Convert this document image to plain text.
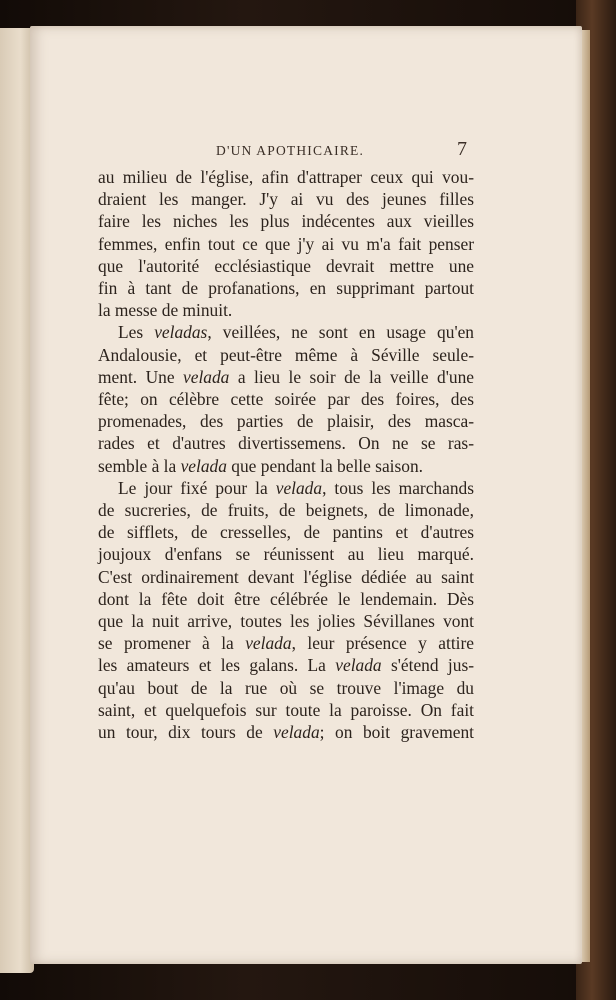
D'UN APOTHICAIRE.	7
au milieu de l'église, afin d'attraper ceux qui vou-
draient les manger. J'y ai vu des jeunes filles
faire les niches les plus indécentes aux vieilles
femmes, enfin tout ce que j'y ai vu m'a fait penser
que l'autorité ecclésiastique devrait mettre une
fin à tant de profanations, en supprimant partout
la messe de minuit.
Les veladas, veillées, ne sont en usage qu'en
Andalousie, et peut-être même à Séville seule-
ment. Une velada a lieu le soir de la veille d'une
fête; on célèbre cette soirée par des foires, des
promenades, des parties de plaisir, des masca-
rades et d'autres divertissemens. On ne se ras-
semble à la velada que pendant la belle saison.
Le jour fixé pour la velada, tous les marchands
de sucreries, de fruits, de beignets, de limonade,
de sifflets, de cresselles, de pantins et d'autres
joujoux d'enfans se réunissent au lieu marqué.
C'est ordinairement devant l'église dédiée au saint
dont la fête doit être célébrée le lendemain. Dès
que la nuit arrive, toutes les jolies Sévillanes vont
se promener à la velada, leur présence y attire
les amateurs et les galans. La velada s'étend jus-
qu'au bout de la rue où se trouve l'image du
saint, et quelquefois sur toute la paroisse. On fait
un tour, dix tours de velada; on boit gravement
